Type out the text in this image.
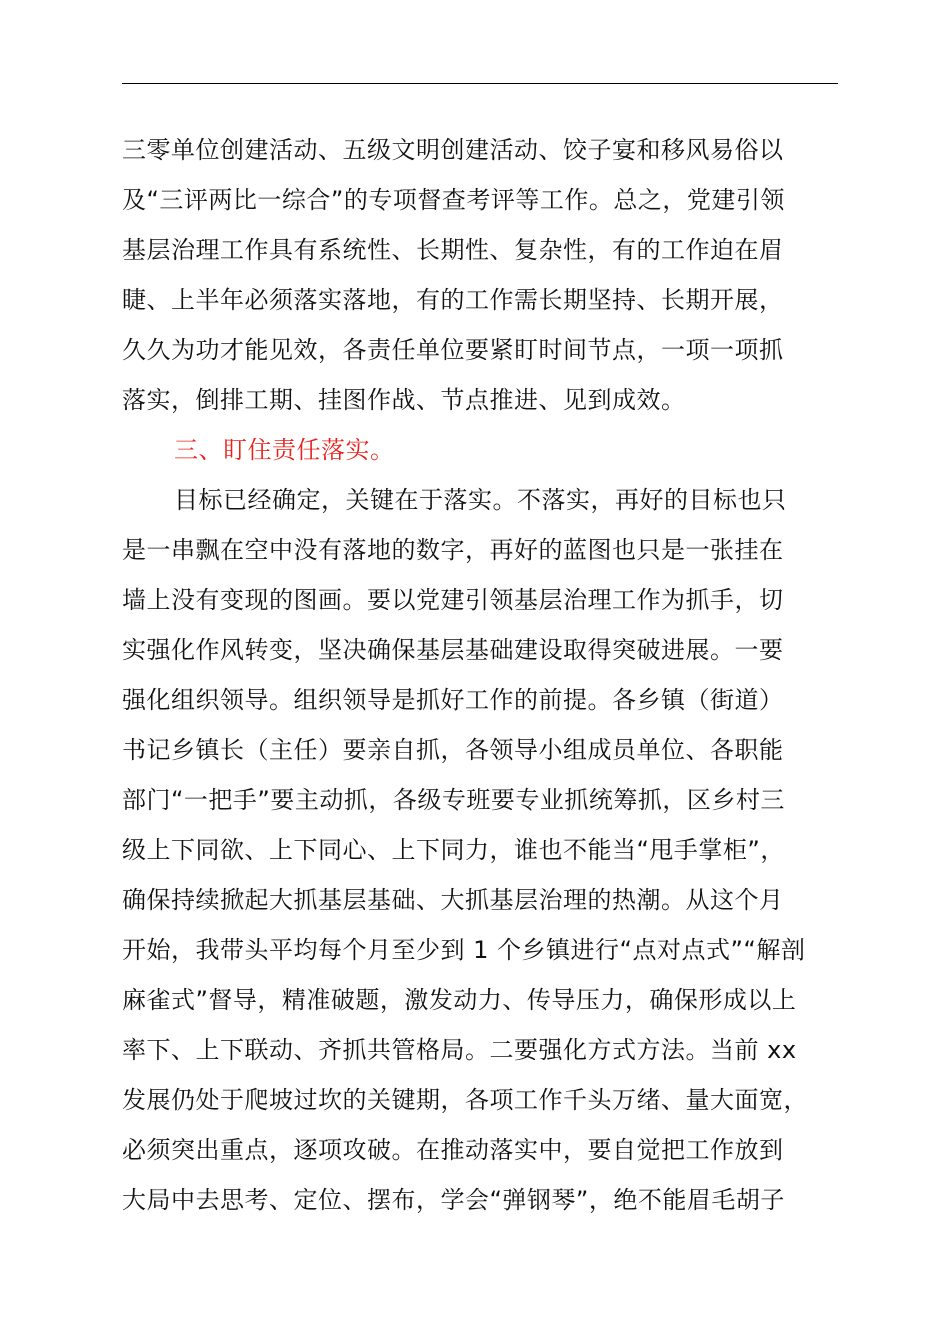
三零单位创建活动、五级文明创建活动、饺子宴和移风易俗以
及“三评两比一综合”的专项督查考评等工作。总之，党建引领
基层治理工作具有系统性、长期性、复杂性，有的工作迫在眉
睫、上半年必须落实落地，有的工作需长期坚持、长期开展，
久久为功才能见效，各责任单位要紧盯时间节点，一项一项抓
落实，倒排工期、挂图作战、节点推进、见到成效。
三、盯住责任落实。
目标已经确定，关键在于落实。不落实，再好的目标也只
是一串飘在空中没有落地的数字，再好的蓝图也只是一张挂在
墙上没有变现的图画。要以党建引领基层治理工作为抓手，切
实强化作风转变，坚决确保基层基础建设取得突破进展。一要
强化组织领导。组织领导是抓好工作的前提。各乡镇（街道）
书记乡镇长（主任）要亲自抓，各领导小组成员单位、各职能
部门“一把手”要主动抓，各级专班要专业抓统筹抓，区乡村三
级上下同欲、上下同心、上下同力，谁也不能当“甩手掌柜”，
确保持续掀起大抓基层基础、大抓基层治理的热潮。从这个月
开始，我带头平均每个月至少到 1 个乡镇进行“点对点式”“解剖
麻雀式”督导，精准破题，激发动力、传导压力，确保形成以上
率下、上下联动、齐抓共管格局。二要强化方式方法。当前 xx
发展仍处于爬坡过坎的关键期，各项工作千头万绪、量大面宽，
必须突出重点，逐项攻破。在推动落实中，要自觉把工作放到
大局中去思考、定位、摆布，学会“弹钢琴”，绝不能眉毛胡子
